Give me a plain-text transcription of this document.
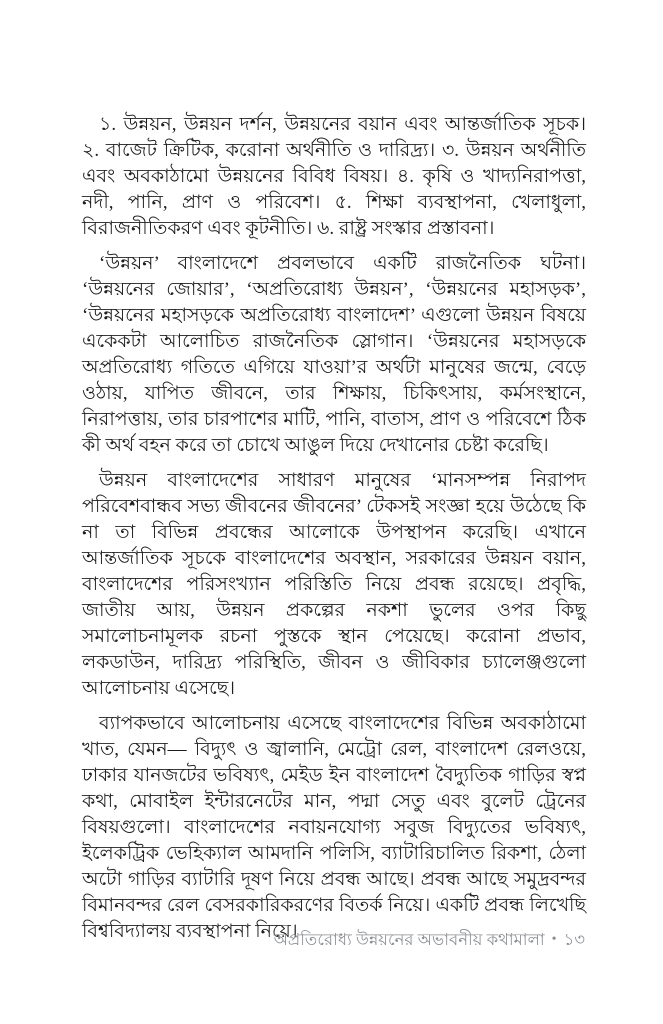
১. উন্নয়ন, উন্নয়ন দর্শন, উন্নয়নের বয়ান এবং আন্তর্জাতিক সূচক। ২. বাজেট ক্রিটিক, করোনা অর্থনীতি ও দারিদ্র্য। ৩. উন্নয়ন অর্থনীতি এবং অবকাঠামো উন্নয়নের বিবিধ বিষয়। ৪. কৃষি ও খাদ্যনিরাপত্তা, নদী, পানি, প্রাণ ও পরিবেশ। ৫. শিক্ষা ব্যবস্থাপনা, খেলাধুলা, বিরাজনীতিকরণ এবং কূটনীতি। ৬. রাষ্ট্র সংস্কার প্রস্তাবনা।

‘উন্নয়ন’ বাংলাদেশে প্রবলভাবে একটি রাজনৈতিক ঘটনা। ‘উন্নয়নের জোয়ার’, ‘অপ্রতিরোধ্য উন্নয়ন’, ‘উন্নয়নের মহাসড়ক’, ‘উন্নয়নের মহাসড়কে অপ্রতিরোধ্য বাংলাদেশ’ এগুলো উন্নয়ন বিষয়ে একেকটা আলোচিত রাজনৈতিক স্লোগান। ‘উন্নয়নের মহাসড়কে অপ্রতিরোধ্য গতিতে এগিয়ে যাওয়া’র অর্থটা মানুষের জন্মে, বেড়ে ওঠায়, যাপিত জীবনে, তার শিক্ষায়, চিকিৎসায়, কর্মসংস্থানে, নিরাপত্তায়, তার চারপাশের মাটি, পানি, বাতাস, প্রাণ ও পরিবেশে ঠিক কী অর্থ বহন করে তা চোখে আঙুল দিয়ে দেখানোর চেষ্টা করেছি।

উন্নয়ন বাংলাদেশের সাধারণ মানুষের ‘মানসম্পন্ন নিরাপদ পরিবেশবান্ধব সভ্য জীবনের জীবনের’ টেকসই সংজ্ঞা হয়ে উঠেছে কি না তা বিভিন্ন প্রবন্ধের আলোকে উপস্থাপন করেছি। এখানে আন্তর্জাতিক সূচকে বাংলাদেশের অবস্থান, সরকারের উন্নয়ন বয়ান, বাংলাদেশের পরিসংখ্যান পরিস্তিতি নিয়ে প্রবন্ধ রয়েছে। প্রবৃদ্ধি, জাতীয় আয়, উন্নয়ন প্রকল্পের নকশা ভুলের ওপর কিছু সমালোচনামূলক রচনা পুস্তকে স্থান পেয়েছে। করোনা প্রভাব, লকডাউন, দারিদ্র্য পরিস্থিতি, জীবন ও জীবিকার চ্যালেঞ্জগুলো আলোচনায় এসেছে।

ব্যাপকভাবে আলোচনায় এসেছে বাংলাদেশের বিভিন্ন অবকাঠামো খাত, যেমন— বিদ্যুৎ ও জ্বালানি, মেট্রো রেল, বাংলাদেশ রেলওয়ে, ঢাকার যানজটের ভবিষ্যৎ, মেইড ইন বাংলাদেশ বৈদ্যুতিক গাড়ির স্বপ্ন কথা, মোবাইল ইন্টারনেটের মান, পদ্মা সেতু এবং বুলেট ট্রেনের বিষয়গুলো। বাংলাদেশের নবায়নযোগ্য সবুজ বিদ্যুতের ভবিষ্যৎ, ইলেকট্রিক ভেহিক্যাল আমদানি পলিসি, ব্যাটারিচালিত রিকশা, ঠেলা অটো গাড়ির ব্যাটারি দূষণ নিয়ে প্রবন্ধ আছে। প্রবন্ধ আছে সমুদ্রবন্দর বিমানবন্দর রেল বেসরকারিকরণের বিতর্ক নিয়ে। একটি প্রবন্ধ লিখেছি বিশ্ববিদ্যালয় ব্যবস্থাপনা নিয়ে।

অপ্রতিরোধ্য উন্নয়নের অভাবনীয় কথামালা • ১৩
